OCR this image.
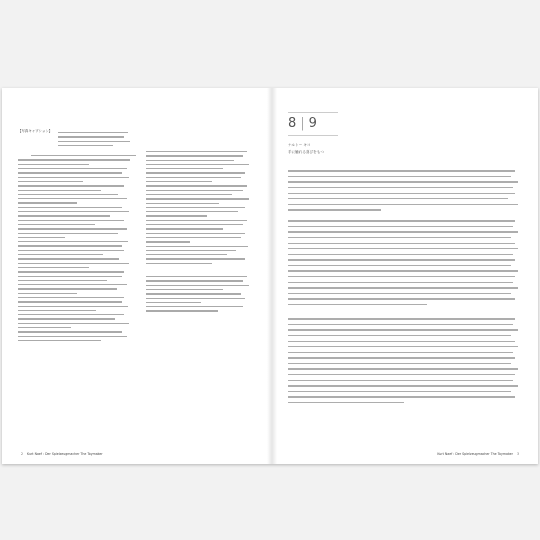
【写真キャプション】
2 Kurt Naef : Der Spielzeugmacher The Toymaker
8 | 9
ナルトー キコ
手に触れる喜びをもつ
Kurt Naef : Der Spielzeugmacher The Toymaker 3
